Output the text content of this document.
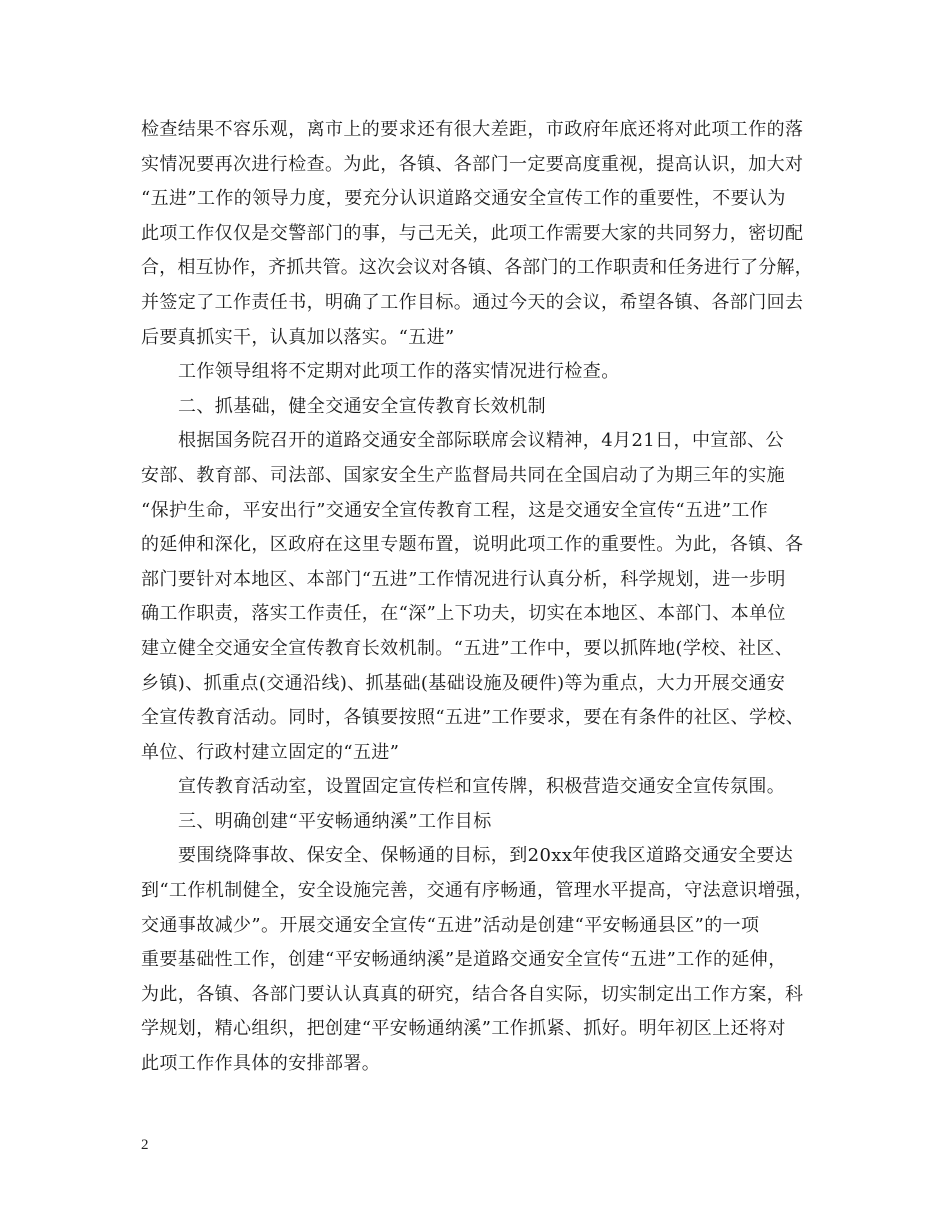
检查结果不容乐观，离市上的要求还有很大差距，市政府年底还将对此项工作的落
实情况要再次进行检查。为此，各镇、各部门一定要高度重视，提高认识，加大对
“五进”工作的领导力度，要充分认识道路交通安全宣传工作的重要性，不要认为
此项工作仅仅是交警部门的事，与己无关，此项工作需要大家的共同努力，密切配
合，相互协作，齐抓共管。这次会议对各镇、各部门的工作职责和任务进行了分解，
并签定了工作责任书，明确了工作目标。通过今天的会议，希望各镇、各部门回去
后要真抓实干，认真加以落实。“五进”
工作领导组将不定期对此项工作的落实情况进行检查。
二、抓基础，健全交通安全宣传教育长效机制
根据国务院召开的道路交通安全部际联席会议精神，4月21日，中宣部、公
安部、教育部、司法部、国家安全生产监督局共同在全国启动了为期三年的实施
“保护生命，平安出行”交通安全宣传教育工程，这是交通安全宣传“五进”工作
的延伸和深化，区政府在这里专题布置，说明此项工作的重要性。为此，各镇、各
部门要针对本地区、本部门“五进”工作情况进行认真分析，科学规划，进一步明
确工作职责，落实工作责任，在“深”上下功夫，切实在本地区、本部门、本单位
建立健全交通安全宣传教育长效机制。“五进”工作中，要以抓阵地(学校、社区、
乡镇)、抓重点(交通沿线)、抓基础(基础设施及硬件)等为重点，大力开展交通安
全宣传教育活动。同时，各镇要按照“五进”工作要求，要在有条件的社区、学校、
单位、行政村建立固定的“五进”
宣传教育活动室，设置固定宣传栏和宣传牌，积极营造交通安全宣传氛围。
三、明确创建“平安畅通纳溪”工作目标
要围绕降事故、保安全、保畅通的目标，到20xx年使我区道路交通安全要达
到“工作机制健全，安全设施完善，交通有序畅通，管理水平提高，守法意识增强，
交通事故减少”。开展交通安全宣传“五进”活动是创建“平安畅通县区”的一项
重要基础性工作，创建“平安畅通纳溪”是道路交通安全宣传“五进”工作的延伸，
为此，各镇、各部门要认认真真的研究，结合各自实际，切实制定出工作方案，科
学规划，精心组织，把创建“平安畅通纳溪”工作抓紧、抓好。明年初区上还将对
此项工作作具体的安排部署。
2
